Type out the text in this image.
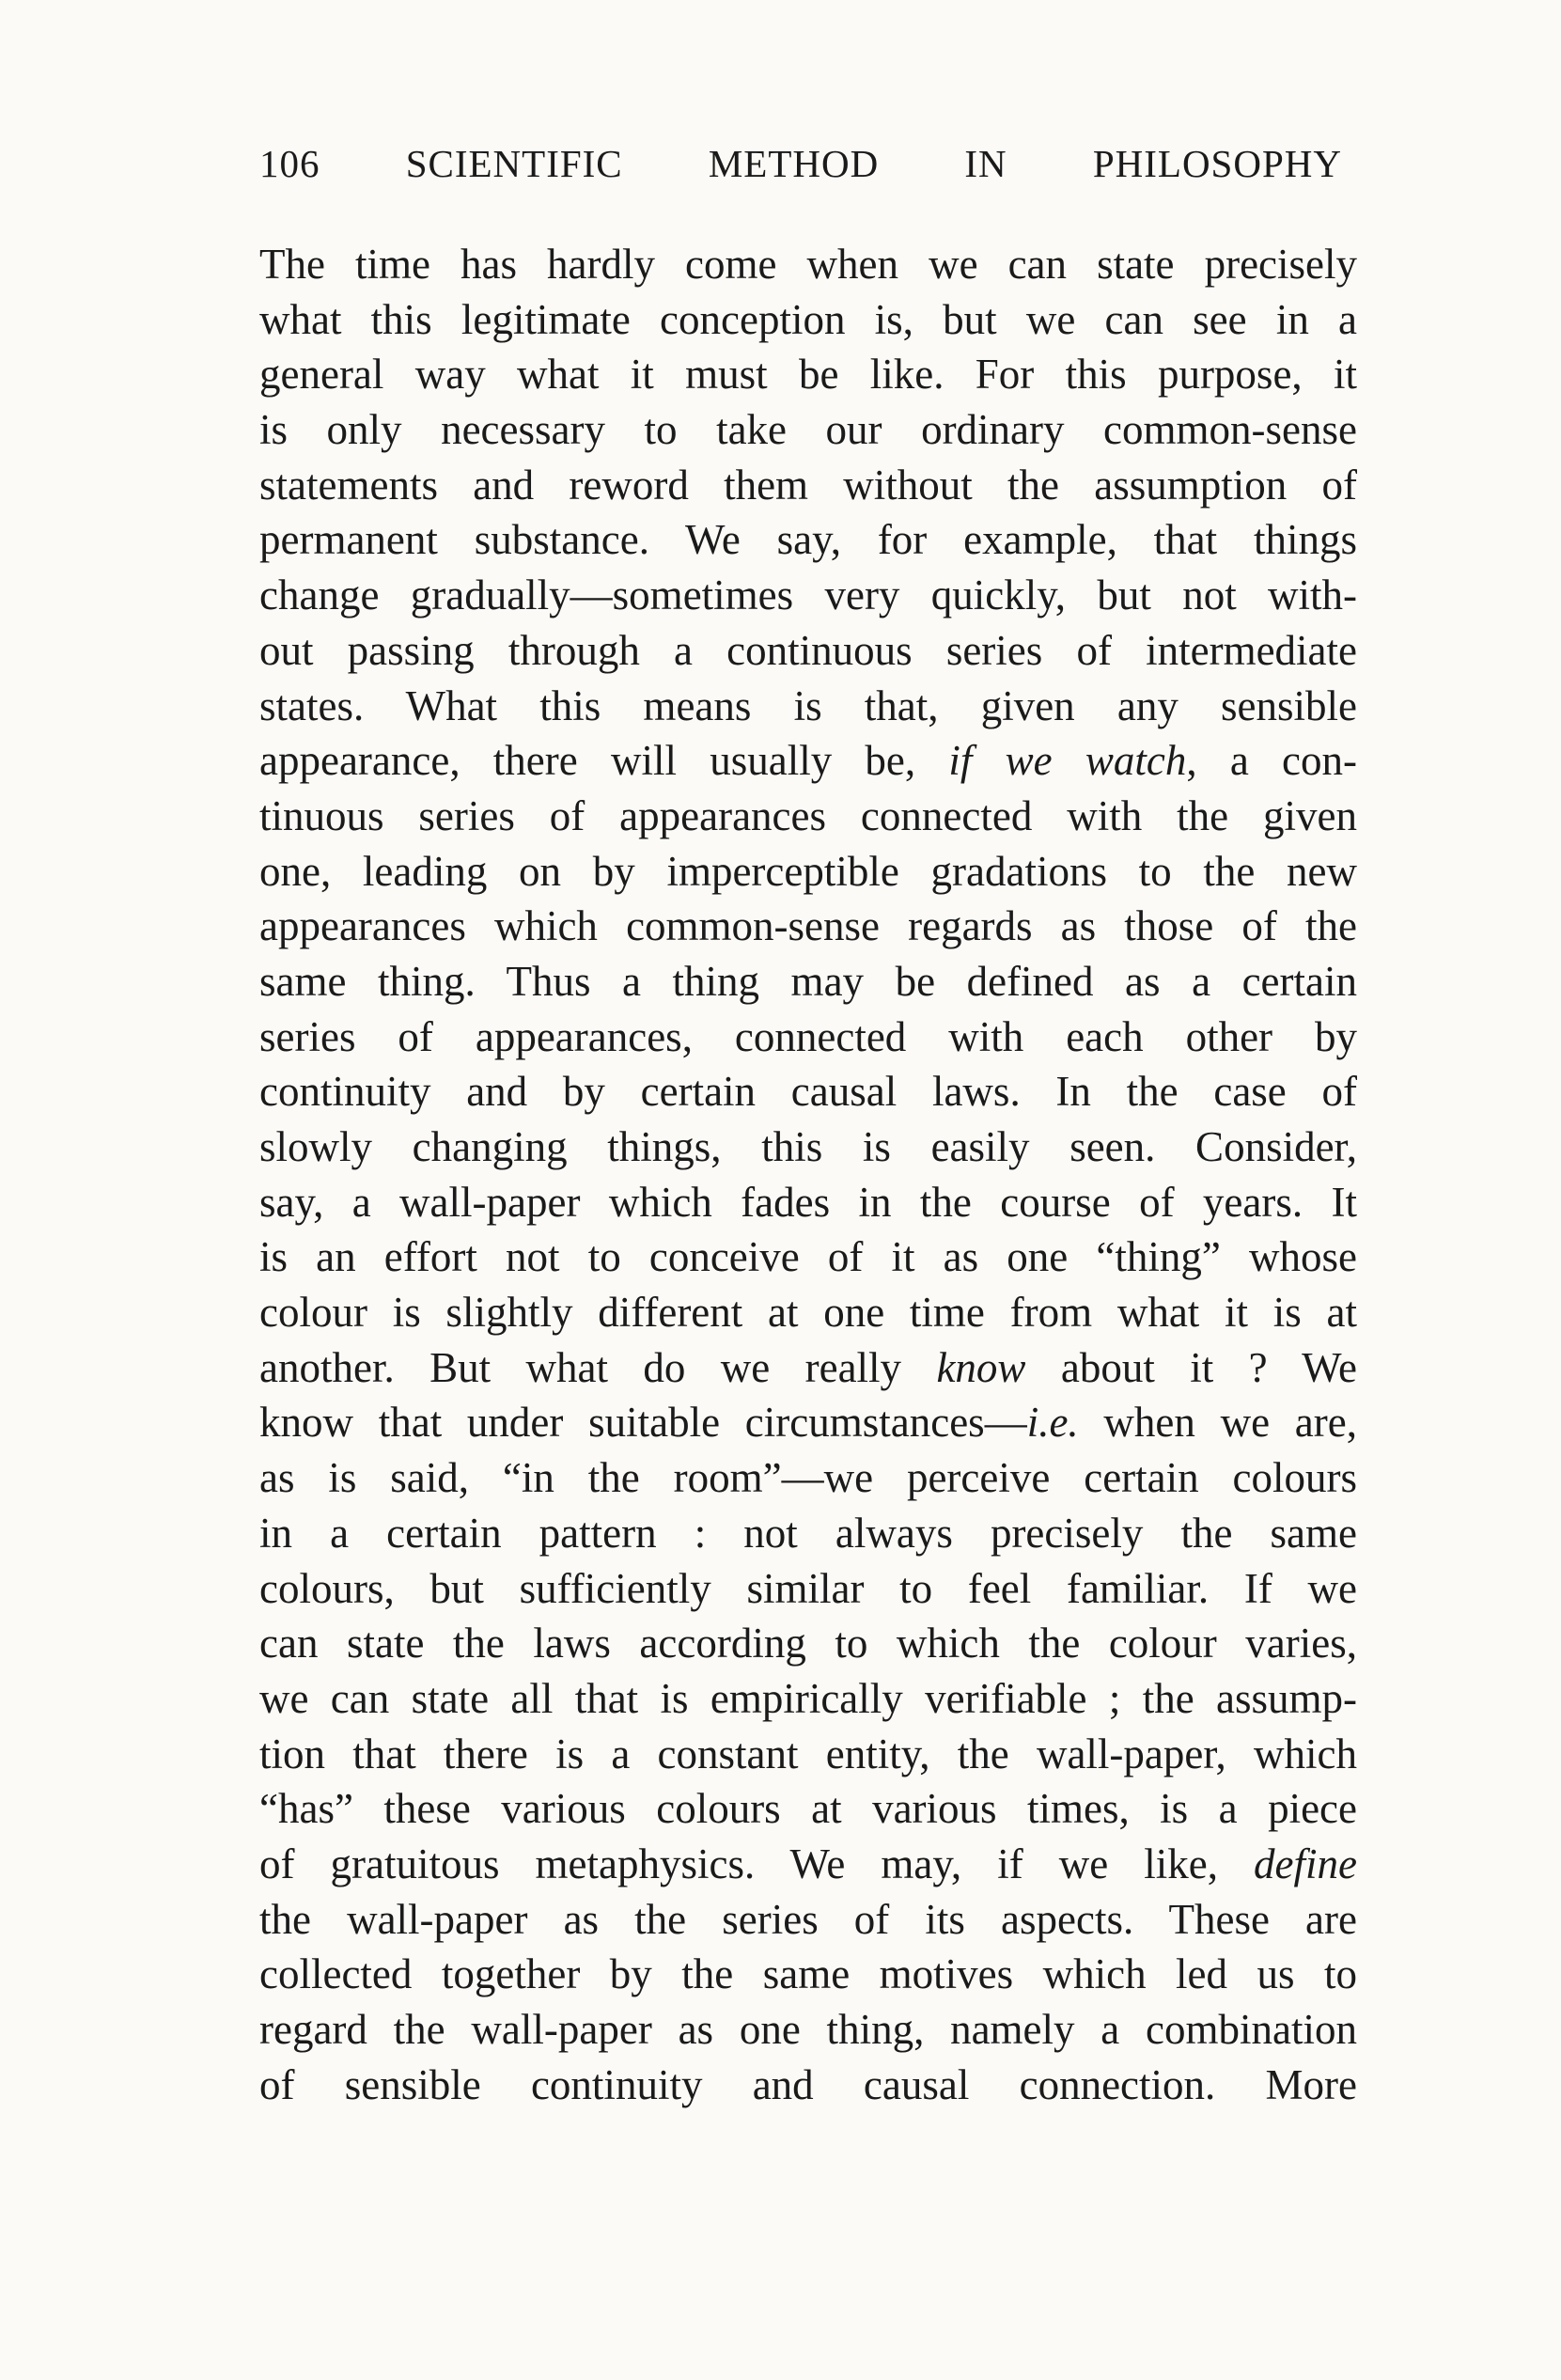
106 SCIENTIFIC METHOD IN PHILOSOPHY
The time has hardly come when we can state precisely
what this legitimate conception is, but we can see in a
general way what it must be like. For this purpose, it
is only necessary to take our ordinary common-sense
statements and reword them without the assumption of
permanent substance. We say, for example, that things
change gradually—sometimes very quickly, but not with-
out passing through a continuous series of intermediate
states. What this means is that, given any sensible
appearance, there will usually be, if we watch, a con-
tinuous series of appearances connected with the given
one, leading on by imperceptible gradations to the new
appearances which common-sense regards as those of the
same thing. Thus a thing may be defined as a certain
series of appearances, connected with each other by
continuity and by certain causal laws. In the case of
slowly changing things, this is easily seen. Consider,
say, a wall-paper which fades in the course of years. It
is an effort not to conceive of it as one “thing” whose
colour is slightly different at one time from what it is at
another. But what do we really know about it ? We
know that under suitable circumstances—i.e. when we are,
as is said, “in the room”—we perceive certain colours
in a certain pattern : not always precisely the same
colours, but sufficiently similar to feel familiar. If we
can state the laws according to which the colour varies,
we can state all that is empirically verifiable ; the assump-
tion that there is a constant entity, the wall-paper, which
“has” these various colours at various times, is a piece
of gratuitous metaphysics. We may, if we like, define
the wall-paper as the series of its aspects. These are
collected together by the same motives which led us to
regard the wall-paper as one thing, namely a combination
of sensible continuity and causal connection. More
